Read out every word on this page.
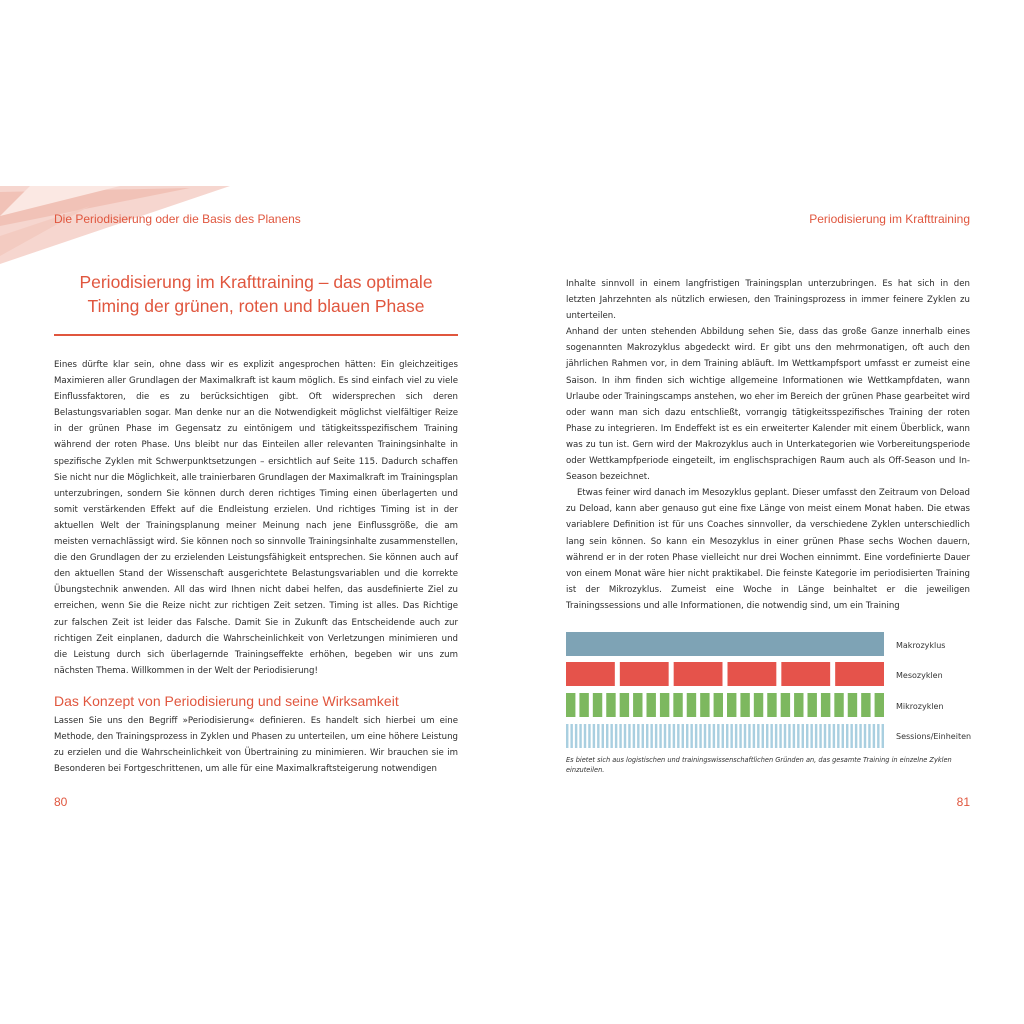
Die Periodisierung oder die Basis des Planens
Periodisierung im Krafttraining – das optimale
Timing der grünen, roten und blauen Phase

Eines dürfte klar sein, ohne dass wir es explizit angesprochen hätten: Ein gleichzeitiges Maximieren aller Grundlagen der Maximalkraft ist kaum möglich. Es sind einfach viel zu viele Einflussfaktoren, die es zu berücksichtigen gibt. Oft widersprechen sich deren Belastungsvariablen sogar. Man denke nur an die Notwendigkeit möglichst vielfältiger Reize in der grünen Phase im Gegensatz zu eintönigem und tätigkeitsspezifischem Training während der roten Phase. Uns bleibt nur das Einteilen aller relevanten Trainingsinhalte in spezifische Zyklen mit Schwerpunktsetzungen – ersichtlich auf Seite 115. Dadurch schaffen Sie nicht nur die Möglichkeit, alle trainierbaren Grundlagen der Maximalkraft im Trainingsplan unterzubringen, sondern Sie können durch deren richtiges Timing einen überlagerten und somit verstärkenden Effekt auf die Endleistung erzielen. Und richtiges Timing ist in der aktuellen Welt der Trainingsplanung meiner Meinung nach jene Einflussgröße, die am meisten vernachlässigt wird. Sie können noch so sinnvolle Trainingsinhalte zusammenstellen, die den Grundlagen der zu erzielenden Leistungsfähigkeit entsprechen. Sie können auch auf den aktuellen Stand der Wissenschaft ausgerichtete Belastungsvariablen und die korrekte Übungstechnik anwenden. All das wird Ihnen nicht dabei helfen, das ausdefinierte Ziel zu erreichen, wenn Sie die Reize nicht zur richtigen Zeit setzen. Timing ist alles. Das Richtige zur falschen Zeit ist leider das Falsche. Damit Sie in Zukunft das Entscheidende auch zur richtigen Zeit einplanen, dadurch die Wahrscheinlichkeit von Verletzungen minimieren und die Leistung durch sich überlagernde Trainingseffekte erhöhen, begeben wir uns zum nächsten Thema. Willkommen in der Welt der Periodisierung!

Das Konzept von Periodisierung und seine Wirksamkeit

Lassen Sie uns den Begriff »Periodisierung« definieren. Es handelt sich hierbei um eine Methode, den Trainingsprozess in Zyklen und Phasen zu unterteilen, um eine höhere Leistung zu erzielen und die Wahrscheinlichkeit von Übertraining zu minimieren. Wir brauchen sie im Besonderen bei Fortgeschrittenen, um alle für eine Maximalkraftsteigerung notwendigen

80
Periodisierung im Krafttraining

Inhalte sinnvoll in einem langfristigen Trainingsplan unterzubringen. Es hat sich in den letzten Jahrzehnten als nützlich erwiesen, den Trainingsprozess in immer feinere Zyklen zu unterteilen.

Anhand der unten stehenden Abbildung sehen Sie, dass das große Ganze innerhalb eines sogenannten Makrozyklus abgedeckt wird. Er gibt uns den mehrmonatigen, oft auch den jährlichen Rahmen vor, in dem Training abläuft. Im Wettkampfsport umfasst er zumeist eine Saison. In ihm finden sich wichtige allgemeine Informationen wie Wettkampfdaten, wann Urlaube oder Trainingscamps anstehen, wo eher im Bereich der grünen Phase gearbeitet wird oder wann man sich dazu entschließt, vorrangig tätigkeitsspezifisches Training der roten Phase zu integrieren. Im Endeffekt ist es ein erweiterter Kalender mit einem Überblick, wann was zu tun ist. Gern wird der Makrozyklus auch in Unterkategorien wie Vorbereitungsperiode oder Wettkampfperiode eingeteilt, im englischsprachigen Raum auch als Off-Season und In-Season bezeichnet.

Etwas feiner wird danach im Mesozyklus geplant. Dieser umfasst den Zeitraum von Deload zu Deload, kann aber genauso gut eine fixe Länge von meist einem Monat haben. Die etwas variablere Definition ist für uns Coaches sinnvoller, da verschiedene Zyklen unterschiedlich lang sein können. So kann ein Mesozyklus in einer grünen Phase sechs Wochen dauern, während er in der roten Phase vielleicht nur drei Wochen einnimmt. Eine vordefinierte Dauer von einem Monat wäre hier nicht praktikabel. Die feinste Kategorie im periodisierten Training ist der Mikrozyklus. Zumeist eine Woche in Länge beinhaltet er die jeweiligen Trainingssessions und alle Informationen, die notwendig sind, um ein Training

Makrozyklus
Mesozyklen
Mikrozyklen
Sessions/Einheiten
Es bietet sich aus logistischen und trainingswissenschaftlichen Gründen an, das gesamte Training in einzelne Zyklen einzuteilen.
81
